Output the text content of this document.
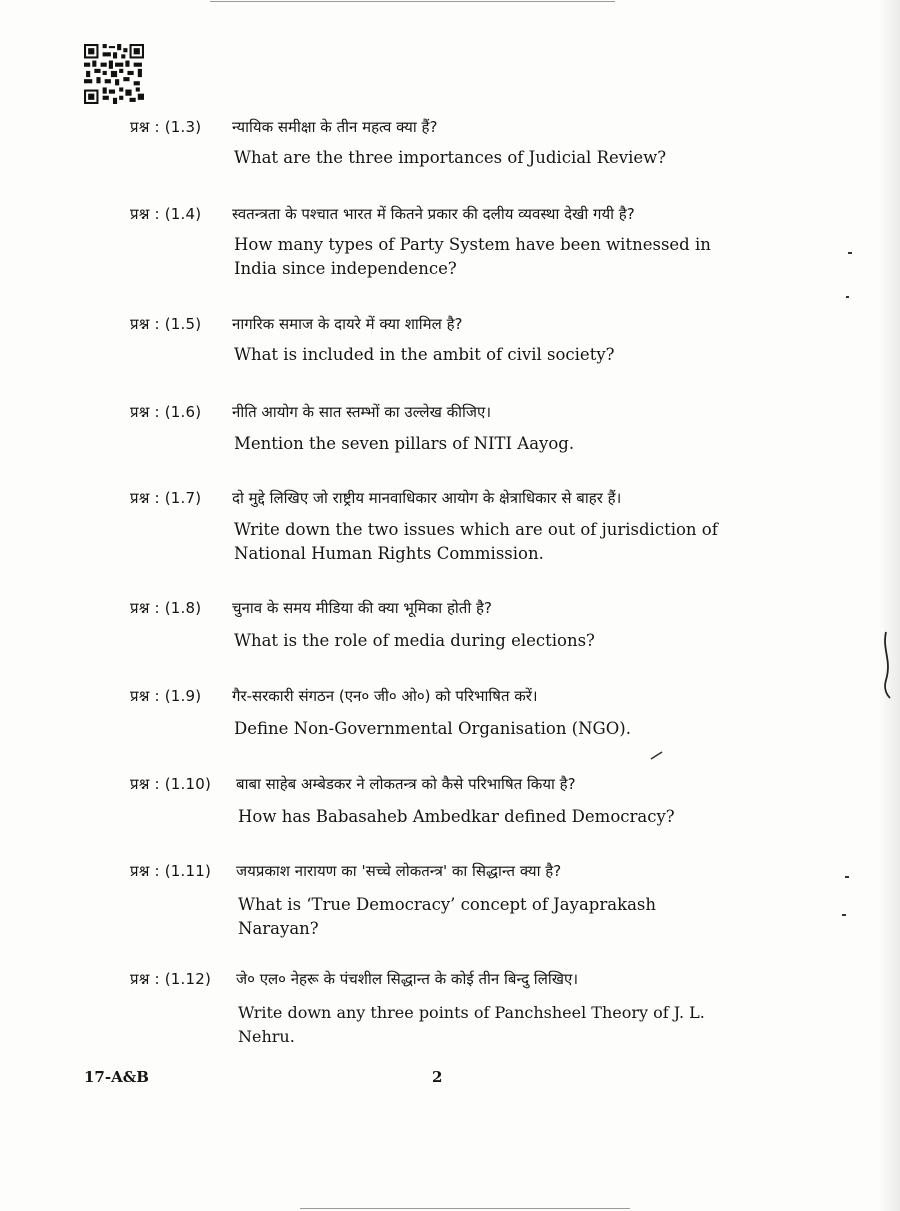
प्रश्न : (1.3) न्यायिक समीक्षा के तीन महत्व क्या हैं?
What are the three importances of Judicial Review?
प्रश्न : (1.4) स्वतन्त्रता के पश्चात भारत में कितने प्रकार की दलीय व्यवस्था देखी गयी है?
How many types of Party System have been witnessed in India since independence?
प्रश्न : (1.5) नागरिक समाज के दायरे में क्या शामिल है?
What is included in the ambit of civil society?
प्रश्न : (1.6) नीति आयोग के सात स्तम्भों का उल्लेख कीजिए।
Mention the seven pillars of NITI Aayog.
प्रश्न : (1.7) दो मुद्दे लिखिए जो राष्ट्रीय मानवाधिकार आयोग के क्षेत्राधिकार से बाहर हैं।
Write down the two issues which are out of jurisdiction of National Human Rights Commission.
प्रश्न : (1.8) चुनाव के समय मीडिया की क्या भूमिका होती है?
What is the role of media during elections?
प्रश्न : (1.9) गैर-सरकारी संगठन (एन० जी० ओ०) को परिभाषित करें।
Define Non-Governmental Organisation (NGO).
प्रश्न : (1.10) बाबा साहेब अम्बेडकर ने लोकतन्त्र को कैसे परिभाषित किया है?
How has Babasaheb Ambedkar defined Democracy?
प्रश्न : (1.11) जयप्रकाश नारायण का 'सच्चे लोकतन्त्र' का सिद्धान्त क्या है?
What is ‘True Democracy’ concept of Jayaprakash Narayan?
प्रश्न : (1.12) जे० एल० नेहरू के पंचशील सिद्धान्त के कोई तीन बिन्दु लिखिए।
Write down any three points of Panchsheel Theory of J. L. Nehru.
17-A&B	2
